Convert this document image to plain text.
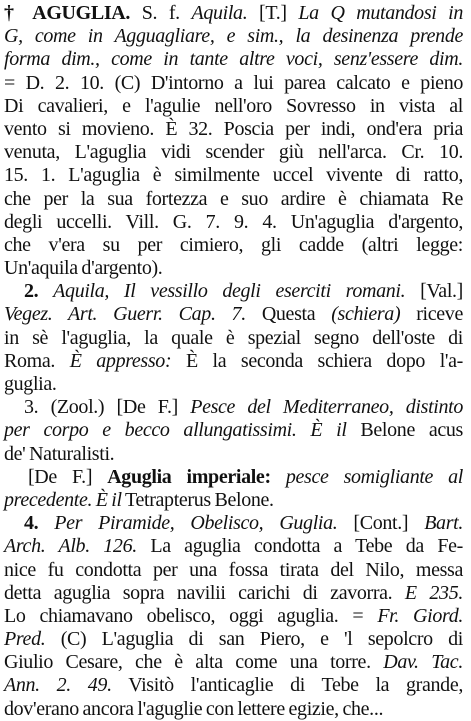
† AGUGLIA. S. f. Aquila. [T.] La Q mutandosi in
G, come in Agguagliare, e sim., la desinenza prende
forma dim., come in tante altre voci, senz'essere dim.
= D. 2. 10. (C) D'intorno a lui parea calcato e pieno
Di cavalieri, e l'agulie nell'oro Sovresso in vista al
vento si movieno. È 32. Poscia per indi, ond'era pria
venuta, L'aguglia vidi scender giù nell'arca. Cr. 10.
15. 1. L'aguglia è similmente uccel vivente di ratto,
che per la sua fortezza e suo ardire è chiamata Re
degli uccelli. Vill. G. 7. 9. 4. Un'aguglia d'argento,
che v'era su per cimiero, gli cadde (altri legge:
Un'aquila d'argento).
2. Aquila, Il vessillo degli eserciti romani. [Val.]
Vegez. Art. Guerr. Cap. 7. Questa (schiera) riceve
in sè l'aguglia, la quale è spezial segno dell'oste di
Roma. È appresso: È la seconda schiera dopo l'a-
guglia.
3. (Zool.) [De F.] Pesce del Mediterraneo, distinto
per corpo e becco allungatissimi. È il Belone acus
de' Naturalisti.
[De F.] Aguglia imperiale: pesce somigliante al
precedente. È il Tetrapterus Belone.
4. Per Piramide, Obelisco, Guglia. [Cont.] Bart.
Arch. Alb. 126. La aguglia condotta a Tebe da Fe-
nice fu condotta per una fossa tirata del Nilo, messa
detta aguglia sopra navilii carichi di zavorra. E 235.
Lo chiamavano obelisco, oggi aguglia. = Fr. Giord.
Pred. (C) L'aguglia di san Piero, e 'l sepolcro di
Giulio Cesare, che è alta come una torre. Dav. Tac.
Ann. 2. 49. Visitò l'anticaglie di Tebe la grande,
dov'erano ancora l'aguglie con lettere egizie, che...
